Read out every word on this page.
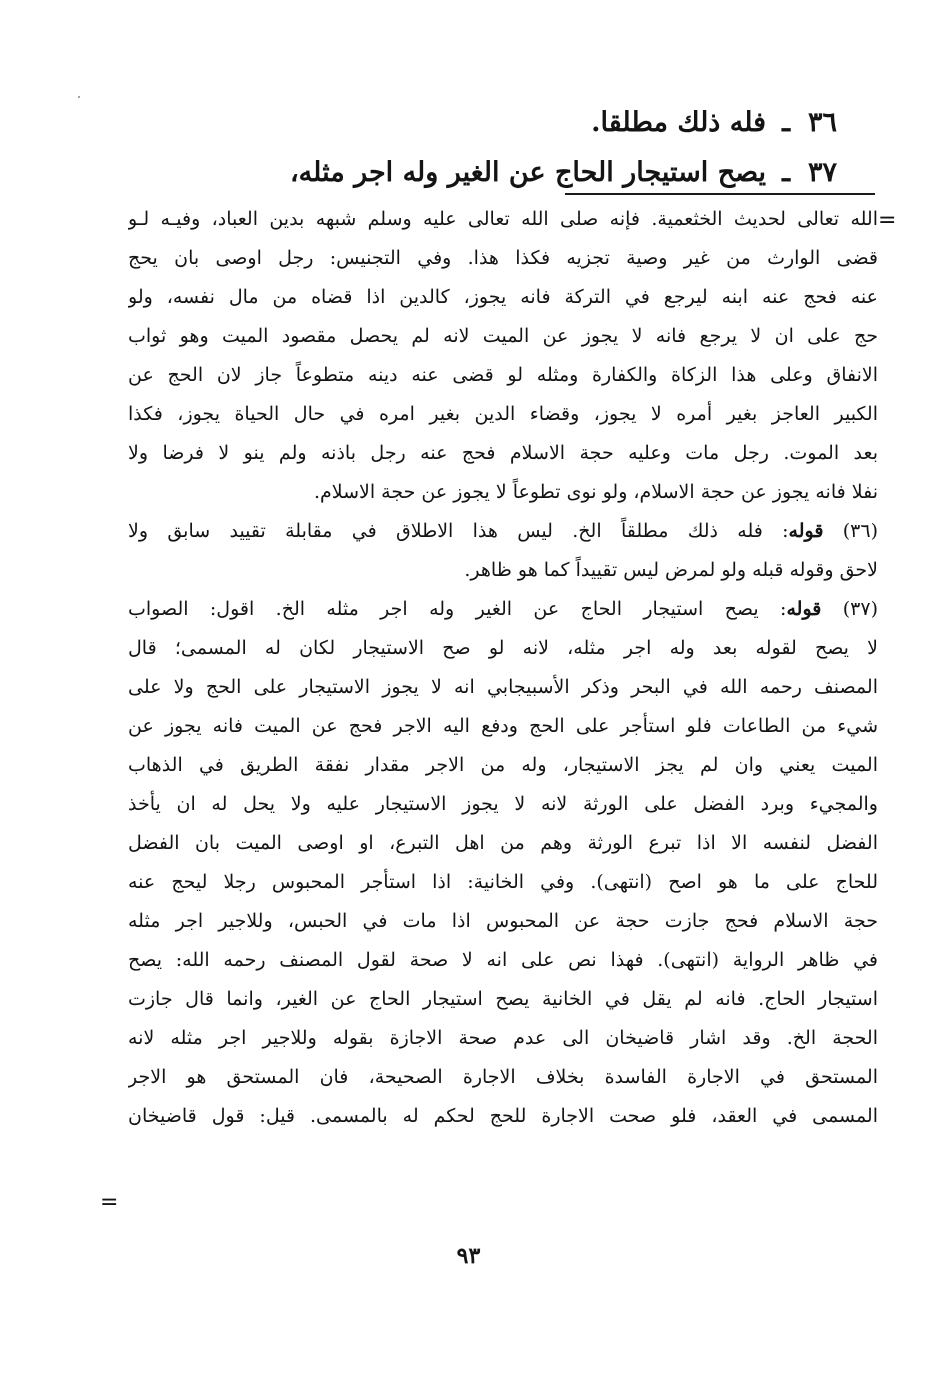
٣٦ـفله ذلك مطلقا.
٣٧ـيصح استيجار الحاج عن الغير وله اجر مثله،
=
الله تعالى لحديث الخثعمية. فإنه صلى الله تعالى عليه وسلم شبهه بدين العباد، وفيـه لـو
قضى الوارث من غير وصية تجزيه فكذا هذا. وفي التجنيس: رجل اوصى بان يحج
عنه فحج عنه ابنه ليرجع في التركة فانه يجوز، كالدين اذا قضاه من مال نفسه، ولو
حج على ان لا يرجع فانه لا يجوز عن الميت لانه لم يحصل مقصود الميت وهو ثواب
الانفاق وعلى هذا الزكاة والكفارة ومثله لو قضى عنه دينه متطوعاً جاز لان الحج عن
الكبير العاجز بغير أمره لا يجوز، وقضاء الدين بغير امره في حال الحياة يجوز، فكذا
بعد الموت. رجل مات وعليه حجة الاسلام فحج عنه رجل باذنه ولم ينو لا فرضا ولا
نفلا فانه يجوز عن حجة الاسلام، ولو نوى تطوعاً لا يجوز عن حجة الاسلام.
(٣٦) قوله: فله ذلك مطلقاً الخ. ليس هذا الاطلاق في مقابلة تقييد سابق ولا
لاحق وقوله قبله ولو لمرض ليس تقييداً كما هو ظاهر.
(٣٧) قوله: يصح استيجار الحاج عن الغير وله اجر مثله الخ. اقول: الصواب
لا يصح لقوله بعد وله اجر مثله، لانه لو صح الاستيجار لكان له المسمى؛ قال
المصنف رحمه الله في البحر وذكر الأسبيجابي انه لا يجوز الاستيجار على الحج ولا على
شيء من الطاعات فلو استأجر على الحج ودفع اليه الاجر فحج عن الميت فانه يجوز عن
الميت يعني وان لم يجز الاستيجار، وله من الاجر مقدار نفقة الطريق في الذهاب
والمجيء وبرد الفضل على الورثة لانه لا يجوز الاستيجار عليه ولا يحل له ان يأخذ
الفضل لنفسه الا اذا تبرع الورثة وهم من اهل التبرع، او اوصى الميت بان الفضل
للحاج على ما هو اصح (انتهى). وفي الخانية: اذا استأجر المحبوس رجلا ليحج عنه
حجة الاسلام فحج جازت حجة عن المحبوس اذا مات في الحبس، وللاجير اجر مثله
في ظاهر الرواية (انتهى). فهذا نص على انه لا صحة لقول المصنف رحمه الله: يصح
استيجار الحاج. فانه لم يقل في الخانية يصح استيجار الحاج عن الغير، وانما قال جازت
الحجة الخ. وقد اشار قاضيخان الى عدم صحة الاجازة بقوله وللاجير اجر مثله لانه
المستحق في الاجارة الفاسدة بخلاف الاجارة الصحيحة، فان المستحق هو الاجر
المسمى في العقد، فلو صحت الاجارة للحج لحكم له بالمسمى. قيل: قول قاضيخان
=
٩٣
